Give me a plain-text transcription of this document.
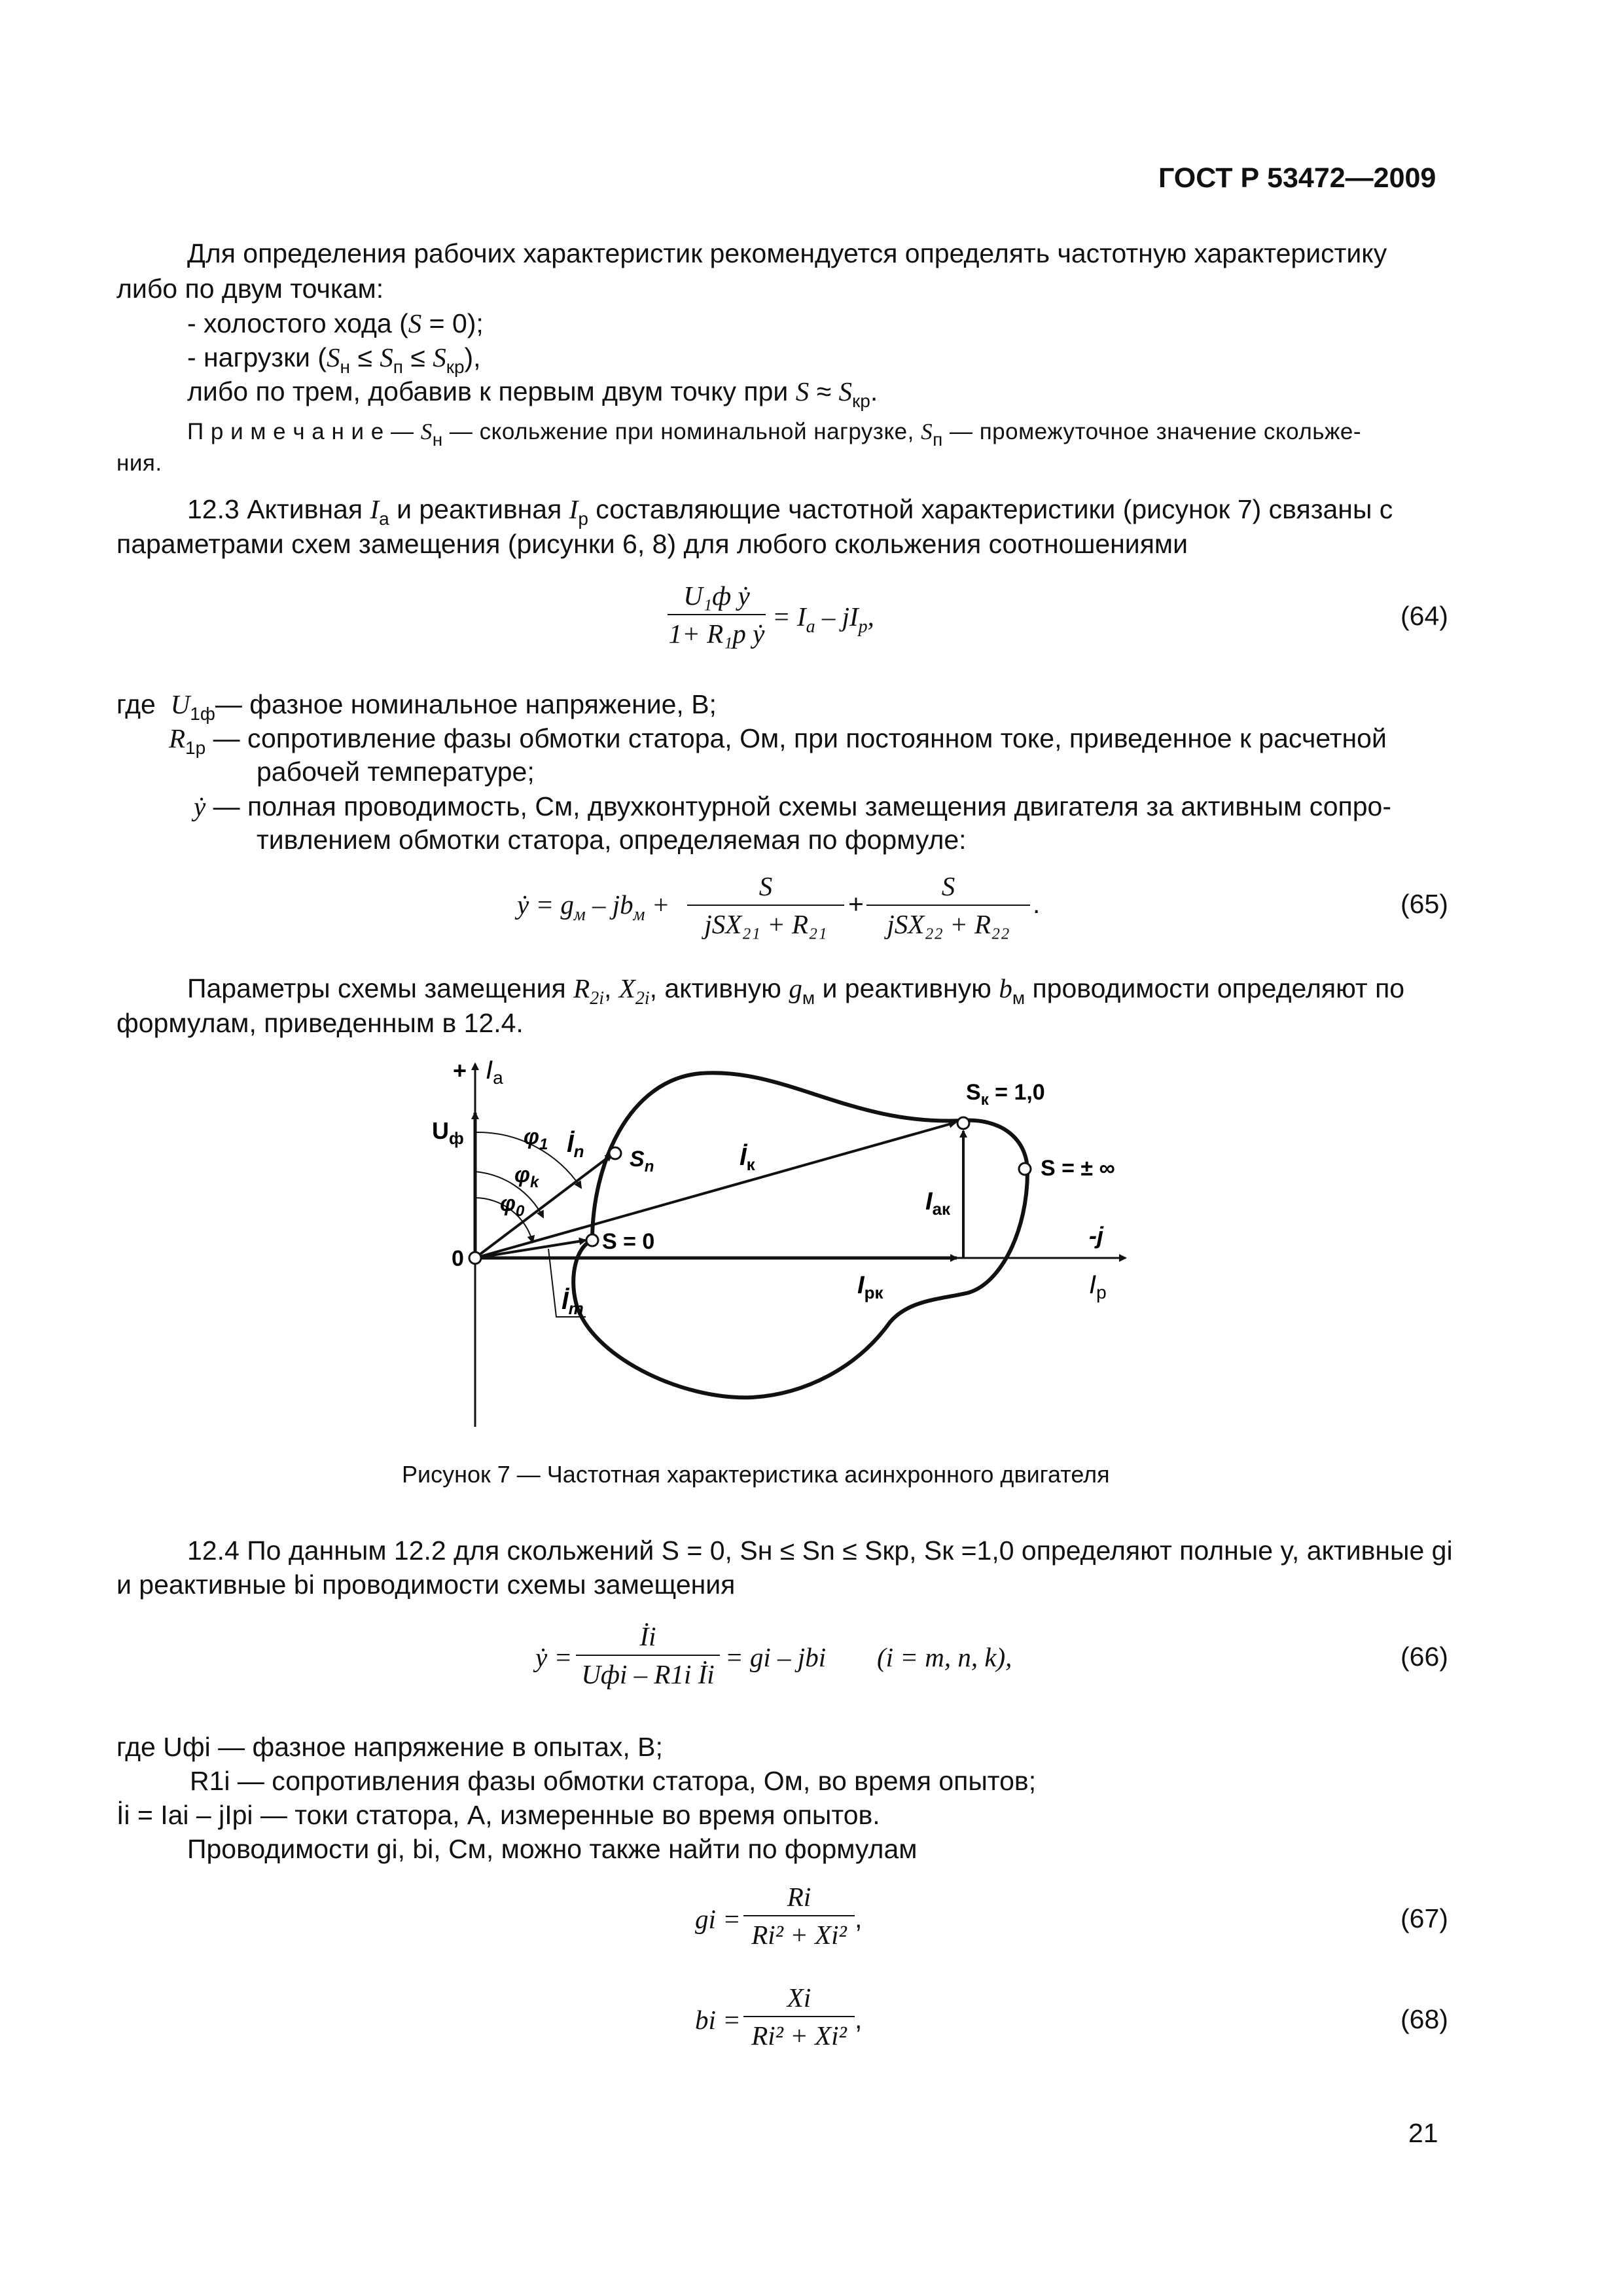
ГОСТ Р 53472—2009
Для определения рабочих характеристик рекомендуется определять частотную характеристику
либо по двум точкам:
- холостого хода (S = 0);
- нагрузки $(S_н \le S_п \le S_{кр})$,
либо по трем, добавив к первым двум точку при $S \approx S_{кр}$.
П р и м е ч а н и е — $S_н$ — скольжение при номинальной нагрузке, $S_п$ — промежуточное значение скольже-
ния.
12.3 Активная $I_а$ и реактивная $I_р$ составляющие частотной характеристики (рисунок 7) связаны с
параметрами схем замещения (рисунки 6, 8) для любого скольжения соотношениями
U₁ф ẏ
1+ R₁р ẏ
= $I_а - jI_р$,	(64)
где $U_{1ф}—$ фазное номинальное напряжение, В;
$R_{1р}$ — сопротивление фазы обмотки статора, Ом, при постоянном токе, приведенное к расчетной
рабочей температуре;
ẏ — полная проводимость, См, двухконтурной схемы замещения двигателя за активным сопро-
тивлением обмотки статора, определяемая по формуле:
ẏ = $g_м - jb_м$ +
S
jSX₂₁ + R₂₁
+
S
jSX₂₂ + R₂₂
.	(65)
Параметры схемы замещения $R_{2i}$, $X_{2i}$, активную $g_м$ и реактивную $b_м$ проводимости определяют по
формулам, приведенным в 12.4.
+ $I_а$
$U_ф$	$\varphi_1$
$\varphi_k$
$\varphi_0$
$İ_n$ $S_n$	$İ_к$
$S_к = 1,0$
S = ± ∞
$I_{ак}$
S = 0
0
-j
$I_р$
$I_{рк}$
$İ_m$
Рисунок 7 — Частотная характеристика асинхронного двигателя
12.4 По данным 12.2 для скольжений S = 0, Sн ≤ Sn ≤ Sкр, Sк =1,0 определяют полные y, активные gi
и реактивные bi проводимости схемы замещения
ẏ =
İi
Uфi – R1i İi
= gi – jbi (i = m, n, k),	(66)
где Uфi — фазное напряжение в опытах, В;
R1i — сопротивления фазы обмотки статора, Ом, во время опытов;
İi = Iai – jIpi — токи статора, А, измеренные во время опытов.
Проводимости gi, bi, См, можно также найти по формулам
gi =
Ri
Ri² + Xi²
,	(67)
bi =
Xi
Ri² + Xi²
,	(68)
21
